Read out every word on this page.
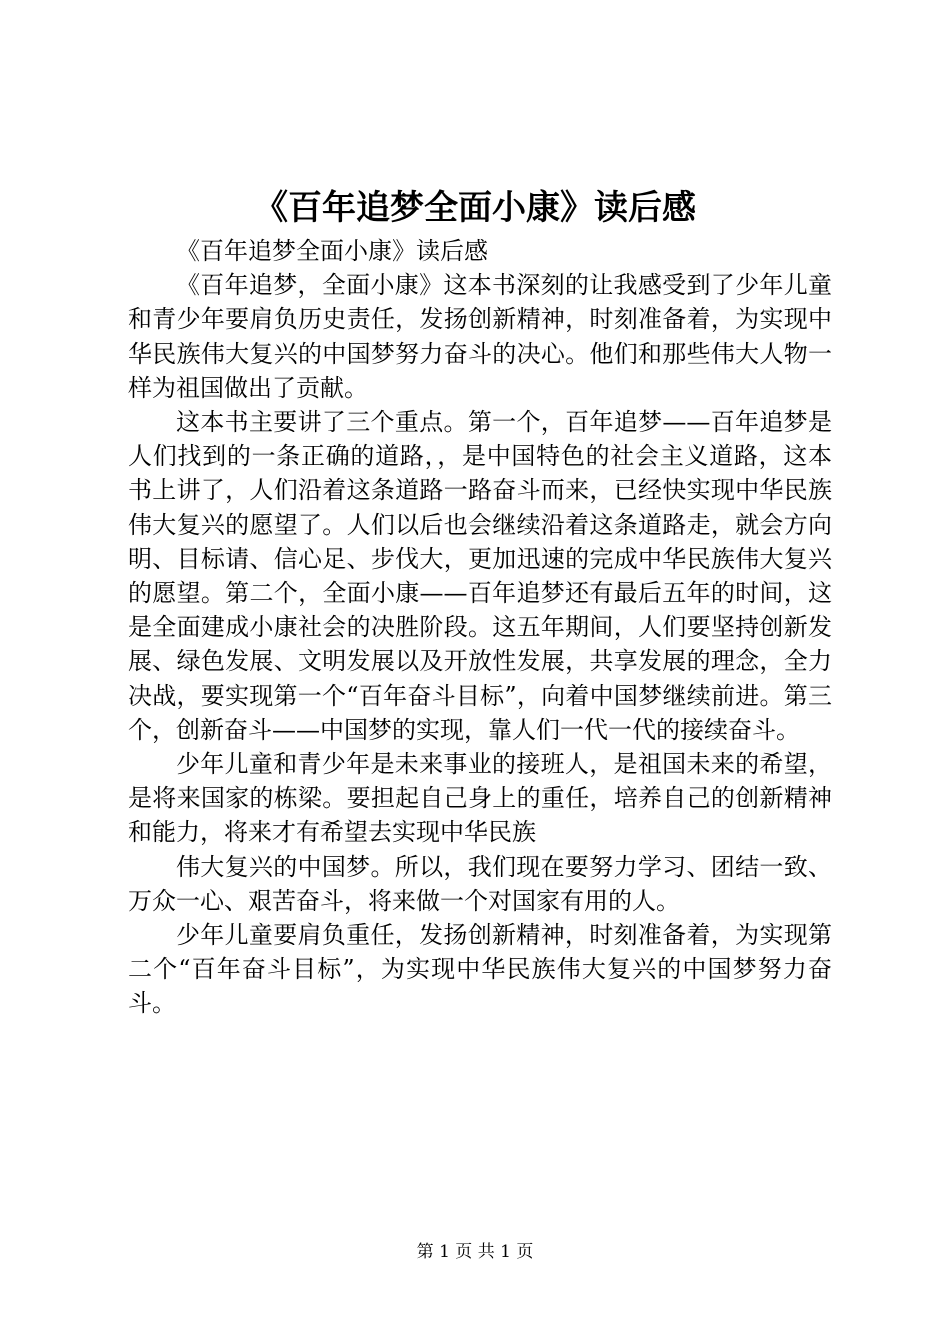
《百年追梦全面小康》读后感

《百年追梦全面小康》读后感

《百年追梦，全面小康》这本书深刻的让我感受到了少年儿童和青少年要肩负历史责任，发扬创新精神，时刻准备着，为实现中华民族伟大复兴的中国梦努力奋斗的决心。他们和那些伟大人物一样为祖国做出了贡献。

这本书主要讲了三个重点。第一个，百年追梦——百年追梦是人们找到的一条正确的道路，，是中国特色的社会主义道路，这本书上讲了，人们沿着这条道路一路奋斗而来，已经快实现中华民族伟大复兴的愿望了。人们以后也会继续沿着这条道路走，就会方向明、目标请、信心足、步伐大，更加迅速的完成中华民族伟大复兴的愿望。第二个，全面小康——百年追梦还有最后五年的时间，这是全面建成小康社会的决胜阶段。这五年期间，人们要坚持创新发展、绿色发展、文明发展以及开放性发展，共享发展的理念，全力决战，要实现第一个“百年奋斗目标”，向着中国梦继续前进。第三个，创新奋斗——中国梦的实现，靠人们一代一代的接续奋斗。

少年儿童和青少年是未来事业的接班人，是祖国未来的希望，是将来国家的栋梁。要担起自己身上的重任，培养自己的创新精神和能力，将来才有希望去实现中华民族

伟大复兴的中国梦。所以，我们现在要努力学习、团结一致、万众一心、艰苦奋斗，将来做一个对国家有用的人。

少年儿童要肩负重任，发扬创新精神，时刻准备着，为实现第二个“百年奋斗目标”，为实现中华民族伟大复兴的中国梦努力奋斗。

第 1 页 共 1 页
